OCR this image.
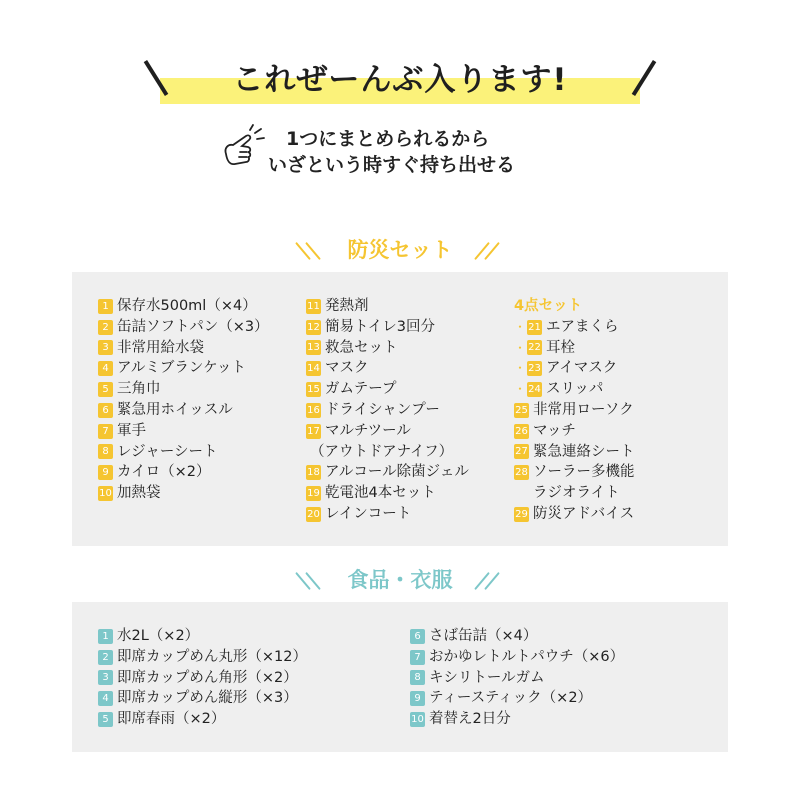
これぜーんぶ入ります!
1つにまとめられるから
いざという時すぐ持ち出せる
防災セット
1 保存水500ml（×4）
2 缶詰ソフトパン（×3）
3 非常用給水袋
4 アルミブランケット
5 三角巾
6 緊急用ホイッスル
7 軍手
8 レジャーシート
9 カイロ（×2）
10 加熱袋
11 発熱剤
12 簡易トイレ3回分
13 救急セット
14 マスク
15 ガムテープ
16 ドライシャンプー
17 マルチツール
（アウトドアナイフ）
18 アルコール除菌ジェル
19 乾電池4本セット
20 レインコート
4点セット
・ 21 エアまくら
・ 22 耳栓
・ 23 アイマスク
・ 24 スリッパ
25 非常用ローソク
26 マッチ
27 緊急連絡シート
28 ソーラー多機能
ラジオライト
29 防災アドバイス
食品・衣服
1 水2L（×2）
2 即席カップめん丸形（×12）
3 即席カップめん角形（×2）
4 即席カップめん縦形（×3）
5 即席春雨（×2）
6 さば缶詰（×4）
7 おかゆレトルトパウチ（×6）
8 キシリトールガム
9 ティースティック（×2）
10 着替え2日分
